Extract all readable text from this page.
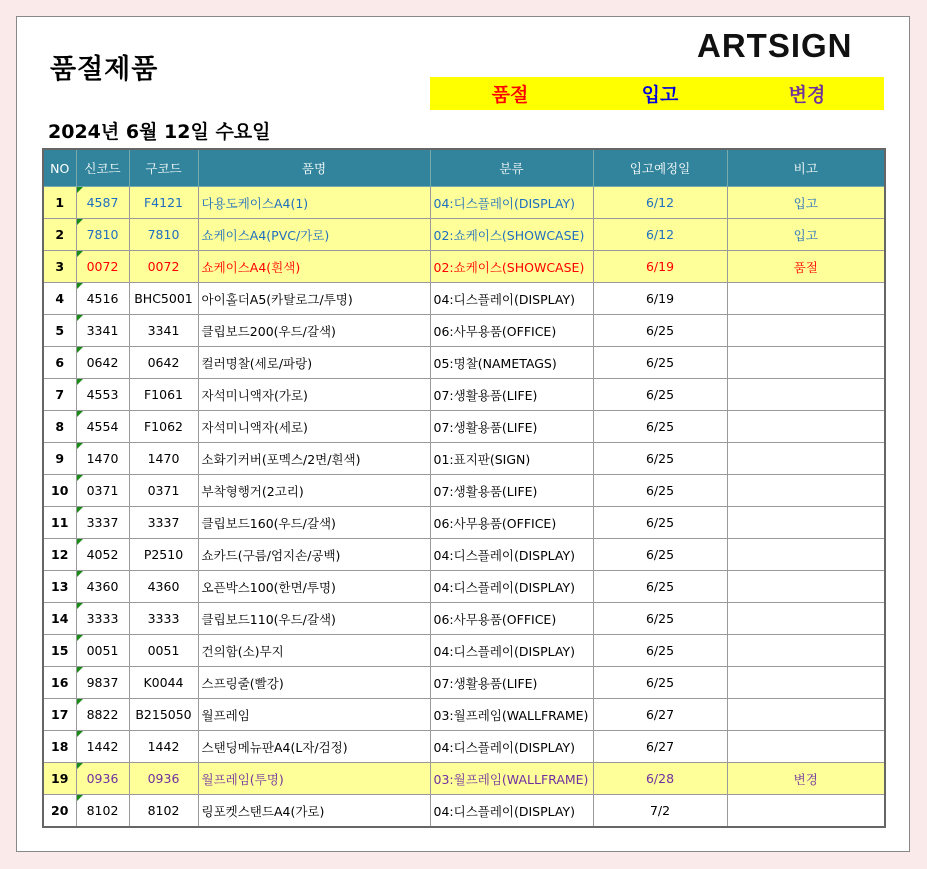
품절제품
ARTSIGN
품절	입고	변경
2024년 6월 12일 수요일
NO	신코드	구코드	품명	분류	입고예정일	비고
1	4587	F4121	다용도케이스A4(1)	04:디스플레이(DISPLAY)	6/12	입고
2	7810	7810	쇼케이스A4(PVC/가로)	02:쇼케이스(SHOWCASE)	6/12	입고
3	0072	0072	쇼케이스A4(흰색)	02:쇼케이스(SHOWCASE)	6/19	품절
4	4516	BHC5001	아이홀더A5(카탈로그/투명)	04:디스플레이(DISPLAY)	6/19	
5	3341	3341	클립보드200(우드/갈색)	06:사무용품(OFFICE)	6/25	
6	0642	0642	컬러명찰(세로/파랑)	05:명찰(NAMETAGS)	6/25	
7	4553	F1061	자석미니액자(가로)	07:생활용품(LIFE)	6/25	
8	4554	F1062	자석미니액자(세로)	07:생활용품(LIFE)	6/25	
9	1470	1470	소화기커버(포멕스/2면/흰색)	01:표지판(SIGN)	6/25	
10	0371	0371	부착형행거(2고리)	07:생활용품(LIFE)	6/25	
11	3337	3337	클립보드160(우드/갈색)	06:사무용품(OFFICE)	6/25	
12	4052	P2510	쇼카드(구름/엄지손/공백)	04:디스플레이(DISPLAY)	6/25	
13	4360	4360	오픈박스100(한면/투명)	04:디스플레이(DISPLAY)	6/25	
14	3333	3333	클립보드110(우드/갈색)	06:사무용품(OFFICE)	6/25	
15	0051	0051	건의함(소)무지	04:디스플레이(DISPLAY)	6/25	
16	9837	K0044	스프링줄(빨강)	07:생활용품(LIFE)	6/25	
17	8822	B215050	월프레임	03:월프레임(WALLFRAME)	6/27	
18	1442	1442	스탠딩메뉴판A4(L자/검정)	04:디스플레이(DISPLAY)	6/27	
19	0936	0936	월프레임(투명)	03:월프레임(WALLFRAME)	6/28	변경
20	8102	8102	링포켓스탠드A4(가로)	04:디스플레이(DISPLAY)	7/2	
